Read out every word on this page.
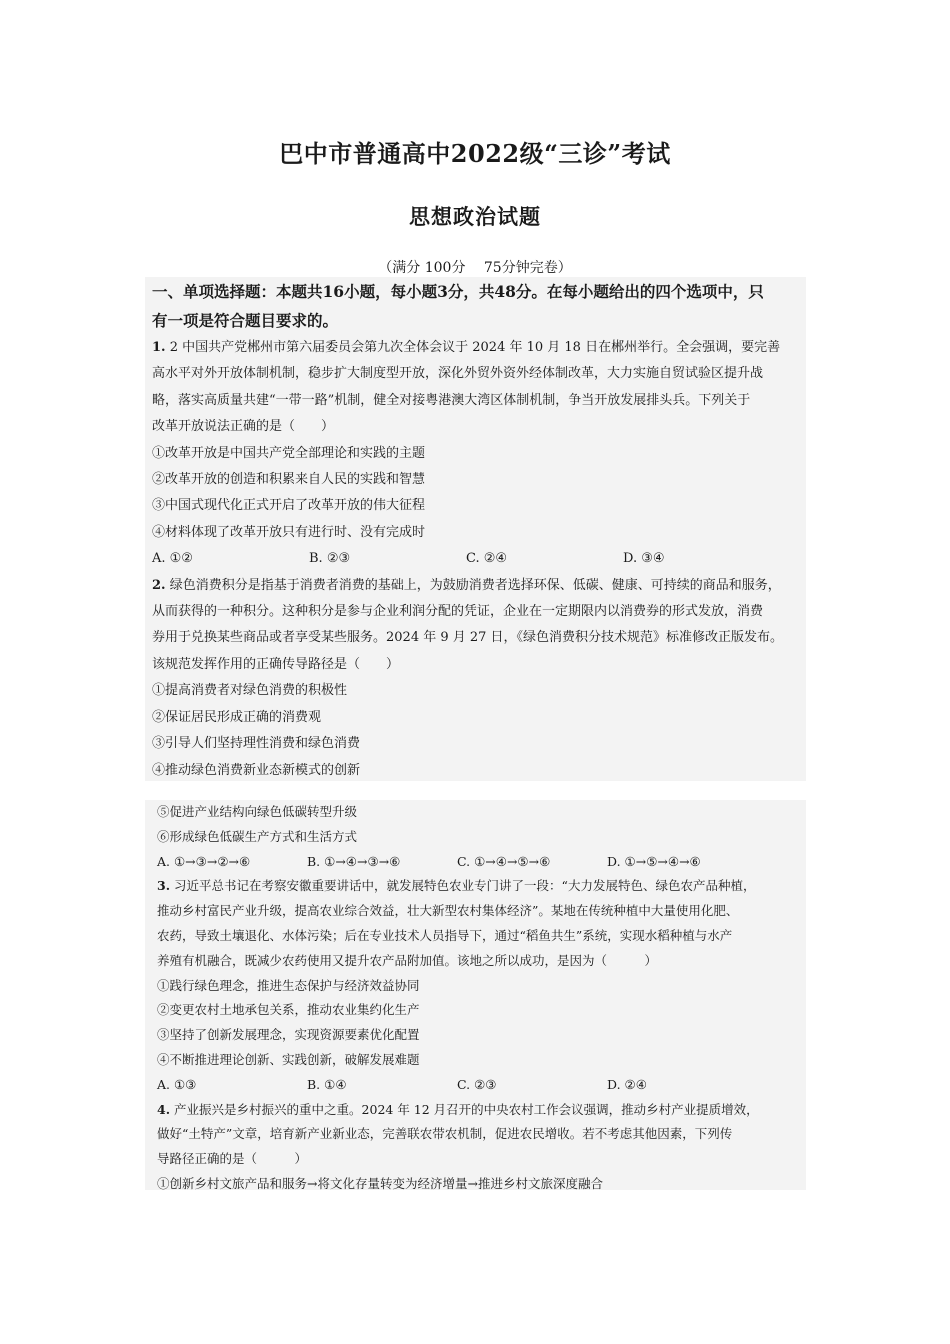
巴中市普通高中2022级“三诊”考试
思想政治试题

（满分 100分　 75分钟完卷）

一、单项选择题：本题共16小题，每小题3分，共48分。在每小题给出的四个选项中，只

有一项是符合题目要求的。

1. 2 中国共产党郴州市第六届委员会第九次全体会议于 2024 年 10 月 18 日在郴州举行。全会强调，要完善

高水平对外开放体制机制，稳步扩大制度型开放，深化外贸外资外经体制改革，大力实施自贸试验区提升战

略，落实高质量共建“一带一路”机制，健全对接粤港澳大湾区体制机制，争当开放发展排头兵。下列关于

改革开放说法正确的是（　　）

①改革开放是中国共产党全部理论和实践的主题

②改革开放的创造和积累来自人民的实践和智慧

③中国式现代化正式开启了改革开放的伟大征程

④材料体现了改革开放只有进行时、没有完成时

A. ①②	B. ②③	C. ②④	D. ③④

2. 绿色消费积分是指基于消费者消费的基础上，为鼓励消费者选择环保、低碳、健康、可持续的商品和服务，

从而获得的一种积分。这种积分是参与企业利润分配的凭证，企业在一定期限内以消费券的形式发放，消费

券用于兑换某些商品或者享受某些服务。2024 年 9 月 27 日，《绿色消费积分技术规范》标准修改正版发布。

该规范发挥作用的正确传导路径是（　　）

①提高消费者对绿色消费的积极性

②保证居民形成正确的消费观

③引导人们坚持理性消费和绿色消费

④推动绿色消费新业态新模式的创新

⑤促进产业结构向绿色低碳转型升级

⑥形成绿色低碳生产方式和生活方式

A. ①→③→②→⑥	B. ①→④→③→⑥	C. ①→④→⑤→⑥	D. ①→⑤→④→⑥

3. 习近平总书记在考察安徽重要讲话中，就发展特色农业专门讲了一段：“大力发展特色、绿色农产品种植，

推动乡村富民产业升级，提高农业综合效益，壮大新型农村集体经济”。某地在传统种植中大量使用化肥、

农药，导致土壤退化、水体污染；后在专业技术人员指导下，通过“稻鱼共生”系统，实现水稻种植与水产

养殖有机融合，既减少农药使用又提升农产品附加值。该地之所以成功，是因为（　　　）

①践行绿色理念，推进生态保护与经济效益协同

②变更农村土地承包关系，推动农业集约化生产

③坚持了创新发展理念，实现资源要素优化配置

④不断推进理论创新、实践创新，破解发展难题

A. ①③	B. ①④	C. ②③	D. ②④

4. 产业振兴是乡村振兴的重中之重。2024 年 12 月召开的中央农村工作会议强调，推动乡村产业提质增效，

做好“土特产”文章，培育新产业新业态，完善联农带农机制，促进农民增收。若不考虑其他因素，下列传

导路径正确的是（　　　）

①创新乡村文旅产品和服务→将文化存量转变为经济增量→推进乡村文旅深度融合
